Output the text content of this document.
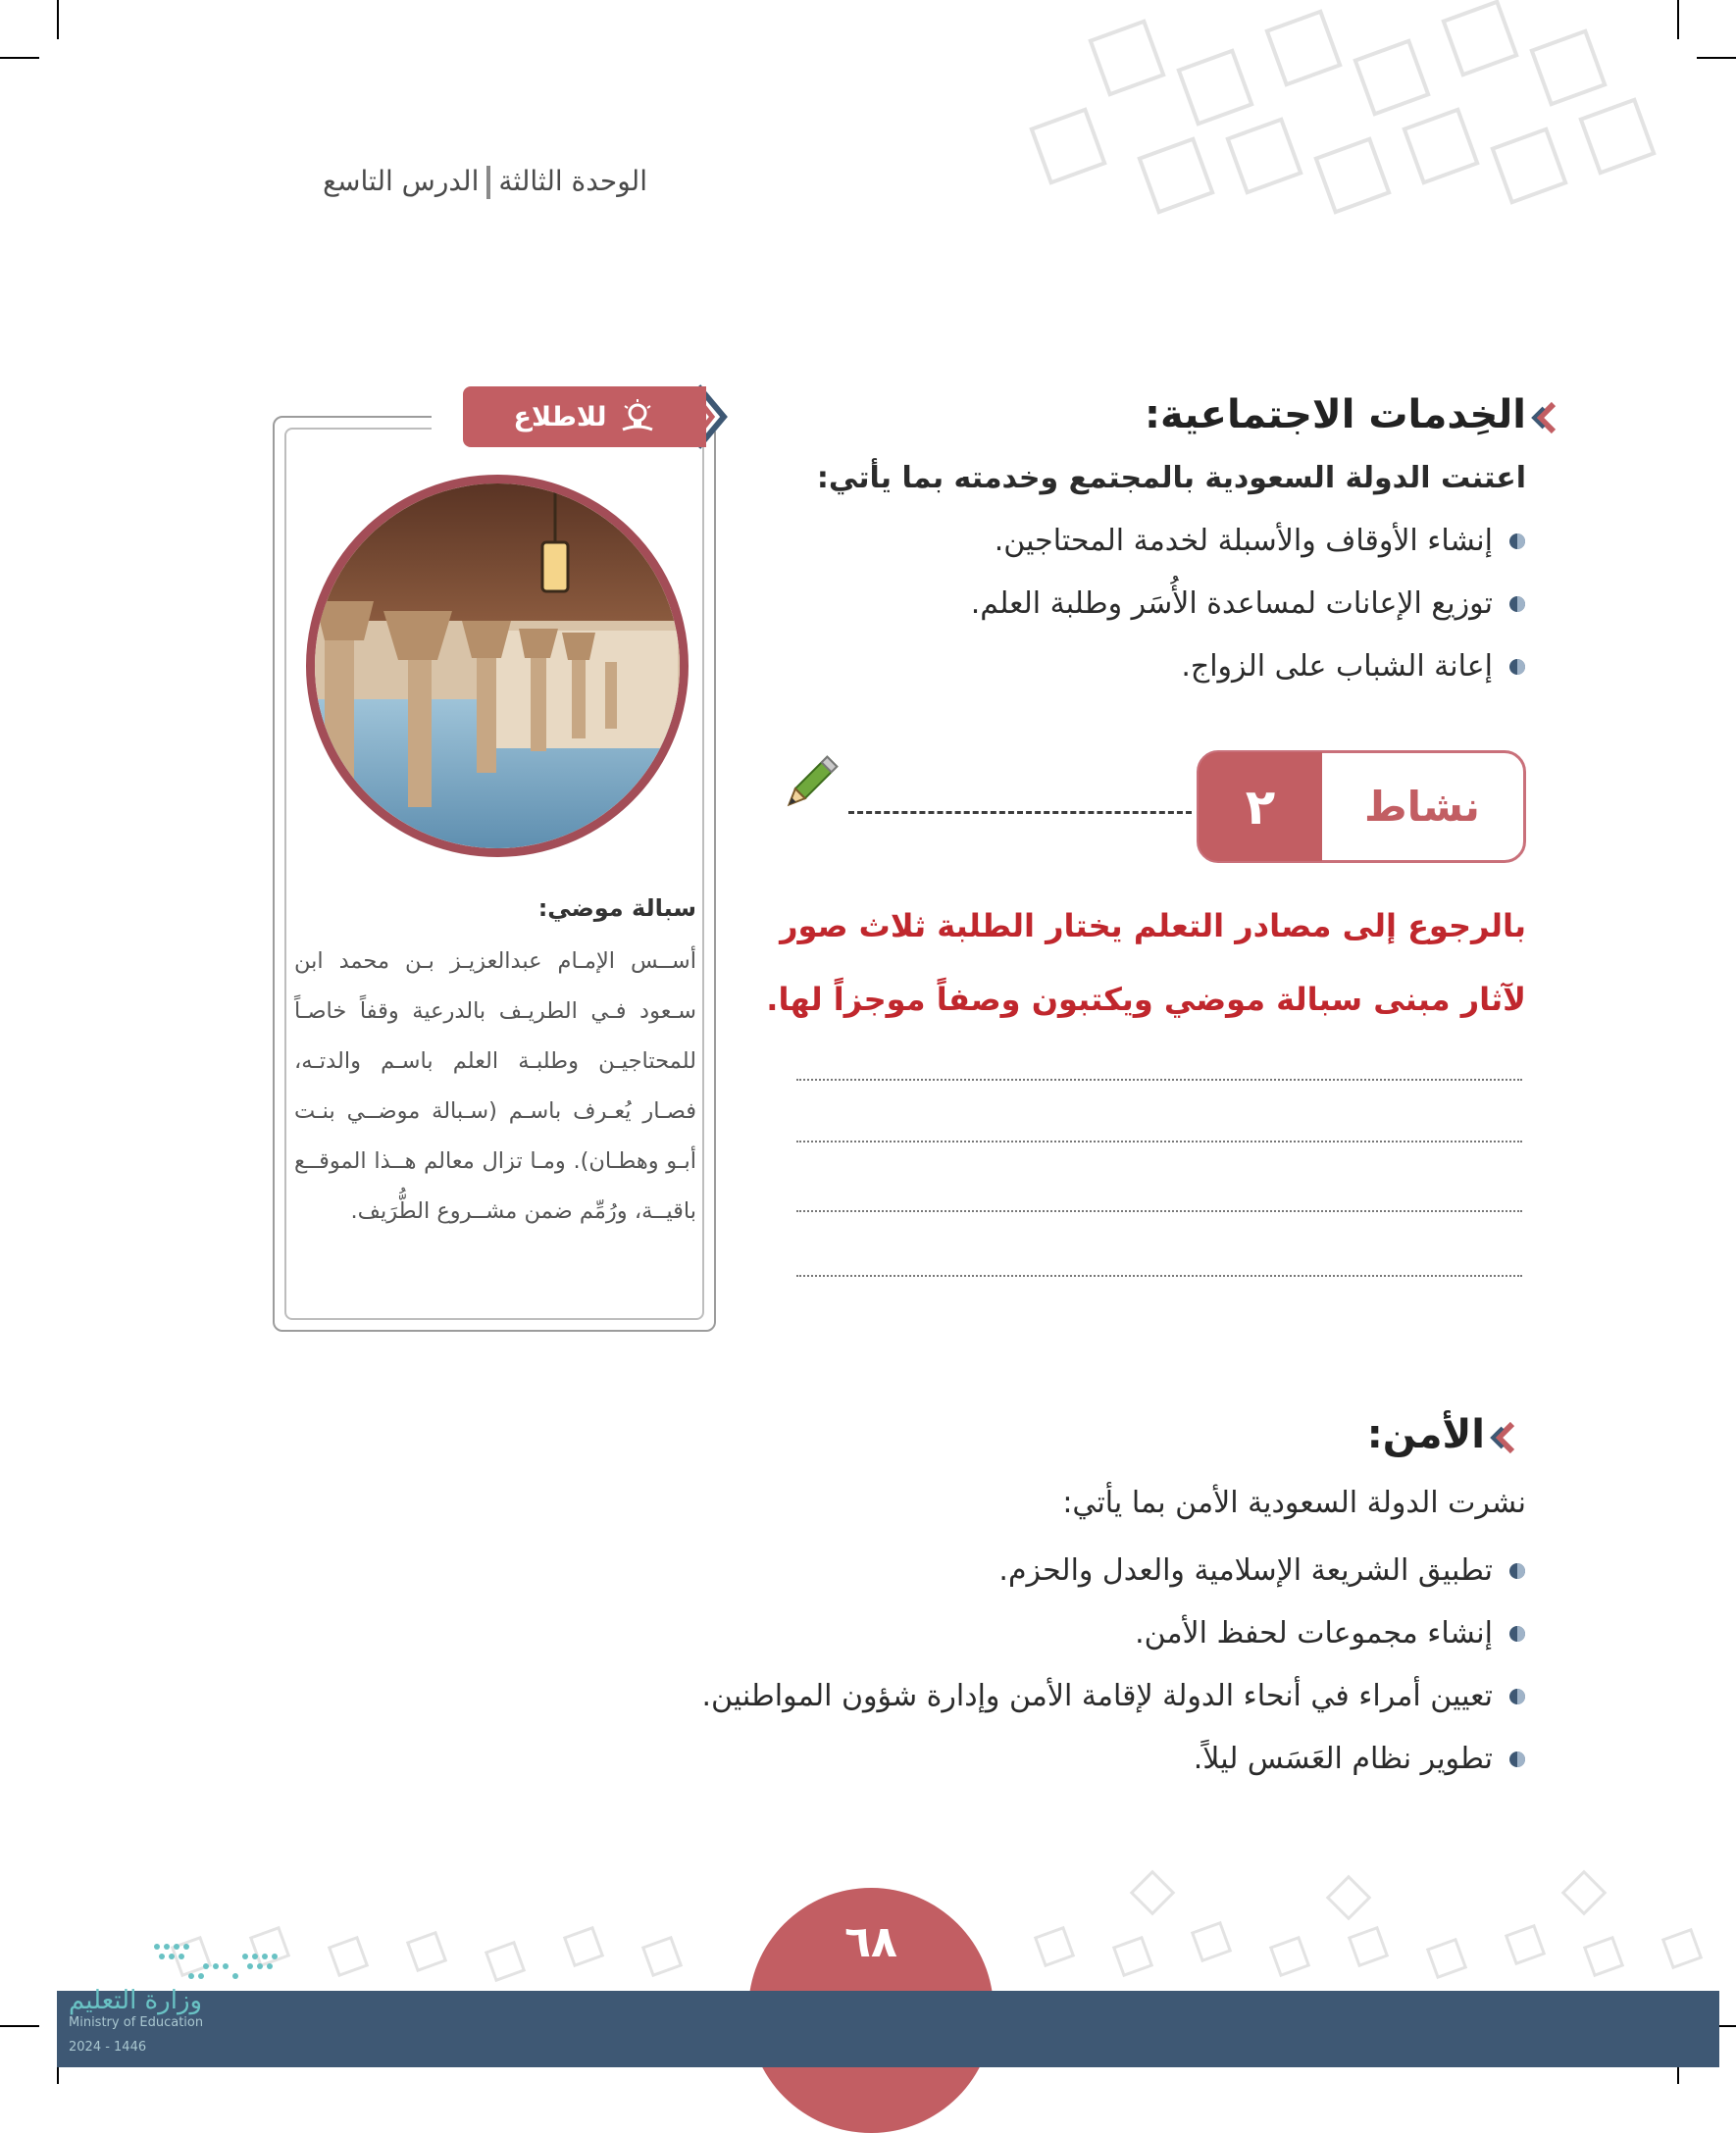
الوحدة الثالثةالدرس التاسع
الخِدمات الاجتماعية:
اعتنت الدولة السعودية بالمجتمع وخدمته بما يأتي:
إنشاء الأوقاف والأسبلة لخدمة المحتاجين.
توزيع الإعانات لمساعدة الأُسَر وطلبة العلم.
إعانة الشباب على الزواج.
نشاط
٢
بالرجوع إلى مصادر التعلم يختار الطلبة ثلاث صور
لآثار مبنى سبالة موضي ويكتبون وصفاً موجزاً لها.
للاطلاع
سبالة موضي:
أســس الإمـام عبدالعزيـز بـن محمد ابن سـعود فـي الطريـف بالدرعية وقفاً خاصـاً للمحتاجيـن وطلبـة العلم باسـم والدتـه، فصـار يُعـرف باسـم (سـبالة موضــي بنـت أبـو وهطـان). ومـا تزال معالم هــذا الموقــع باقيــة، ورُمِّم ضمن مشــروع الطُّرَيف.
الأمن:
نشرت الدولة السعودية الأمن بما يأتي:
تطبيق الشريعة الإسلامية والعدل والحزم.
إنشاء مجموعات لحفظ الأمن.
تعيين أمراء في أنحاء الدولة لإقامة الأمن وإدارة شؤون المواطنين.
تطوير نظام العَسَس ليلاً.
٦٨
وزارة التعليم
Ministry of Education
2024 - 1446
